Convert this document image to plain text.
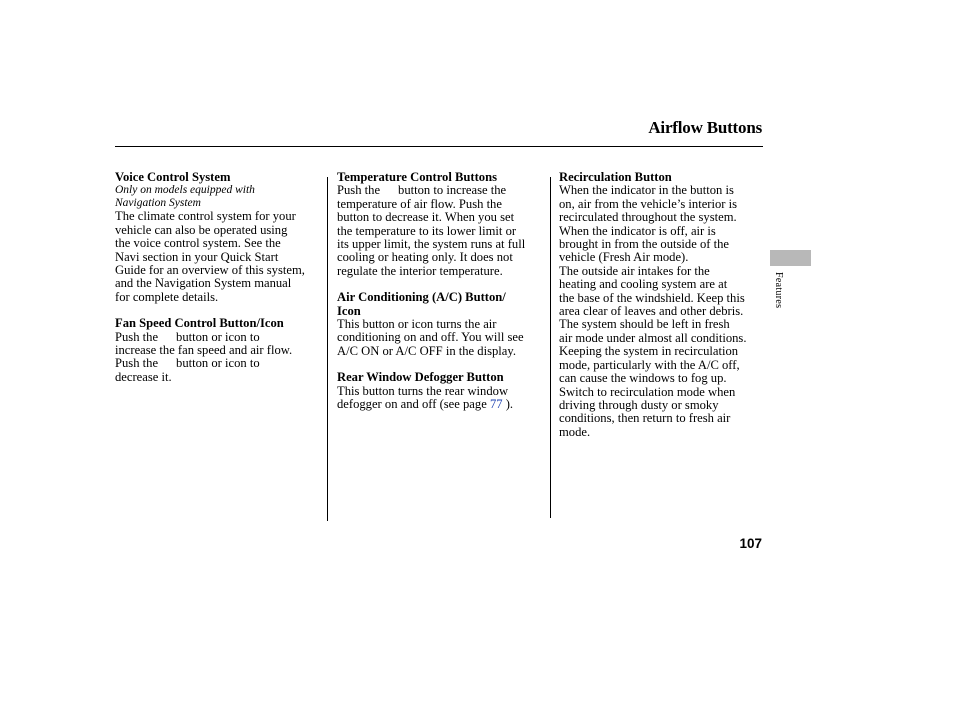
Airflow Buttons
Voice Control System
Only on models equipped with
Navigation System
The climate control system for your
vehicle can also be operated using
the voice control system. See the
Navi section in your Quick Start
Guide for an overview of this system,
and the Navigation System manual
for complete details.
Fan Speed Control Button/Icon
Push the button or icon to
increase the fan speed and air flow.
Push the button or icon to
decrease it.
Temperature Control Buttons
Push the button to increase the
temperature of air flow. Push the
button to decrease it. When you set
the temperature to its lower limit or
its upper limit, the system runs at full
cooling or heating only. It does not
regulate the interior temperature.
Air Conditioning (A/C) Button/
Icon
This button or icon turns the air
conditioning on and off. You will see
A/C ON or A/C OFF in the display.
Rear Window Defogger Button
This button turns the rear window
defogger on and off (see page 77 ).
Recirculation Button
When the indicator in the button is
on, air from the vehicle’s interior is
recirculated throughout the system.
When the indicator is off, air is
brought in from the outside of the
vehicle (Fresh Air mode).
The outside air intakes for the
heating and cooling system are at
the base of the windshield. Keep this
area clear of leaves and other debris.
The system should be left in fresh
air mode under almost all conditions.
Keeping the system in recirculation
mode, particularly with the A/C off,
can cause the windows to fog up.
Switch to recirculation mode when
driving through dusty or smoky
conditions, then return to fresh air
mode.
Features
107
